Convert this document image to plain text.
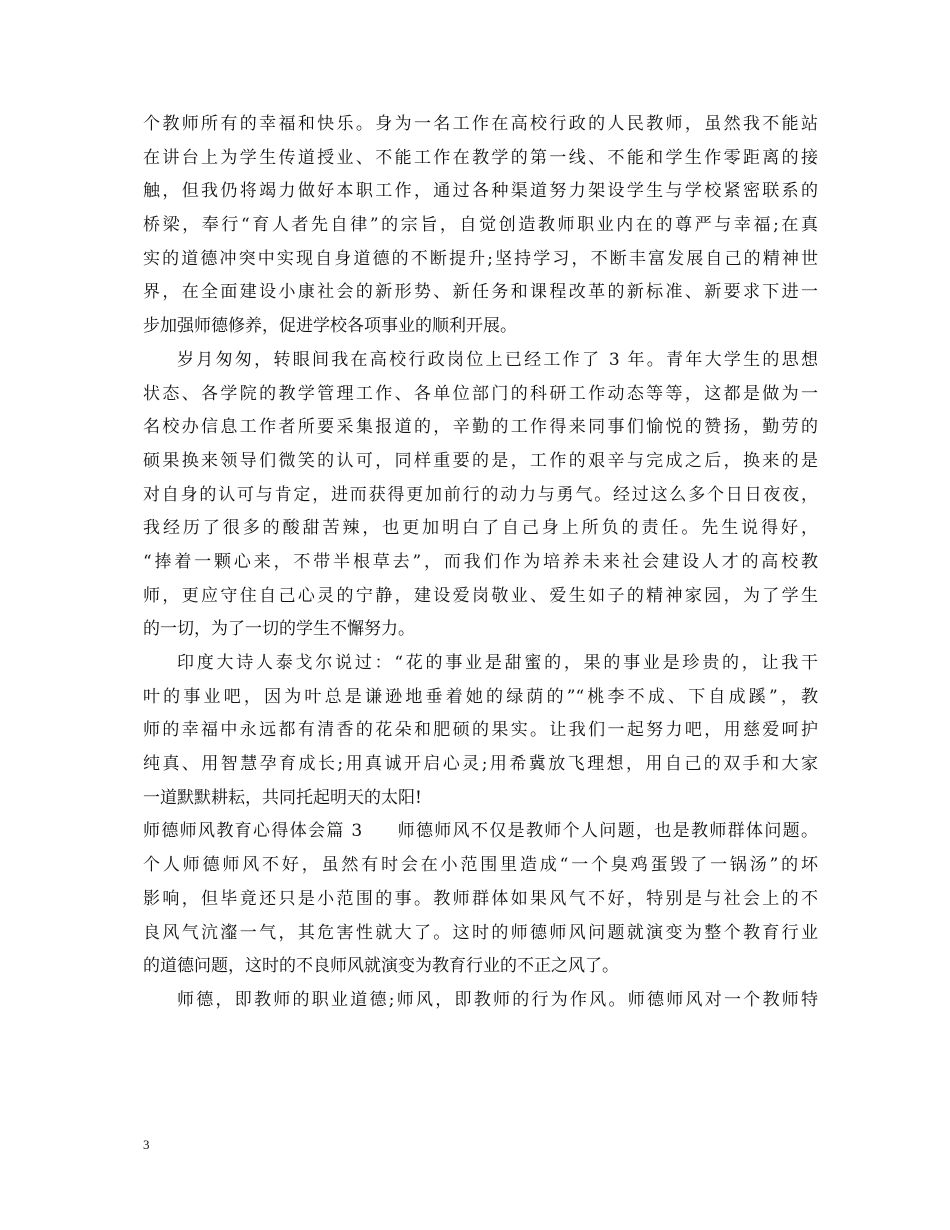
个教师所有的幸福和快乐。身为一名工作在高校行政的人民教师，虽然我不能站
在讲台上为学生传道授业、不能工作在教学的第一线、不能和学生作零距离的接
触，但我仍将竭力做好本职工作，通过各种渠道努力架设学生与学校紧密联系的
桥梁，奉行“育人者先自律”的宗旨，自觉创造教师职业内在的尊严与幸福;在真
实的道德冲突中实现自身道德的不断提升;坚持学习，不断丰富发展自己的精神世
界，在全面建设小康社会的新形势、新任务和课程改革的新标准、新要求下进一
步加强师德修养，促进学校各项事业的顺利开展。
岁月匆匆，转眼间我在高校行政岗位上已经工作了 3 年。青年大学生的思想
状态、各学院的教学管理工作、各单位部门的科研工作动态等等，这都是做为一
名校办信息工作者所要采集报道的，辛勤的工作得来同事们愉悦的赞扬，勤劳的
硕果换来领导们微笑的认可，同样重要的是，工作的艰辛与完成之后，换来的是
对自身的认可与肯定，进而获得更加前行的动力与勇气。经过这么多个日日夜夜，
我经历了很多的酸甜苦辣，也更加明白了自己身上所负的责任。先生说得好，
“捧着一颗心来，不带半根草去”，而我们作为培养未来社会建设人才的高校教
师，更应守住自己心灵的宁静，建设爱岗敬业、爱生如子的精神家园，为了学生
的一切，为了一切的学生不懈努力。
印度大诗人泰戈尔说过：“花的事业是甜蜜的，果的事业是珍贵的，让我干
叶的事业吧，因为叶总是谦逊地垂着她的绿荫的”“桃李不成、下自成蹊”，教
师的幸福中永远都有清香的花朵和肥硕的果实。让我们一起努力吧，用慈爱呵护
纯真、用智慧孕育成长;用真诚开启心灵;用希冀放飞理想，用自己的双手和大家
一道默默耕耘，共同托起明天的太阳!
师德师风教育心得体会篇 3 师德师风不仅是教师个人问题，也是教师群体问题。
个人师德师风不好，虽然有时会在小范围里造成“一个臭鸡蛋毁了一锅汤”的坏
影响，但毕竟还只是小范围的事。教师群体如果风气不好，特别是与社会上的不
良风气沆瀣一气，其危害性就大了。这时的师德师风问题就演变为整个教育行业
的道德问题，这时的不良师风就演变为教育行业的不正之风了。
师德，即教师的职业道德;师风，即教师的行为作风。师德师风对一个教师特
3
